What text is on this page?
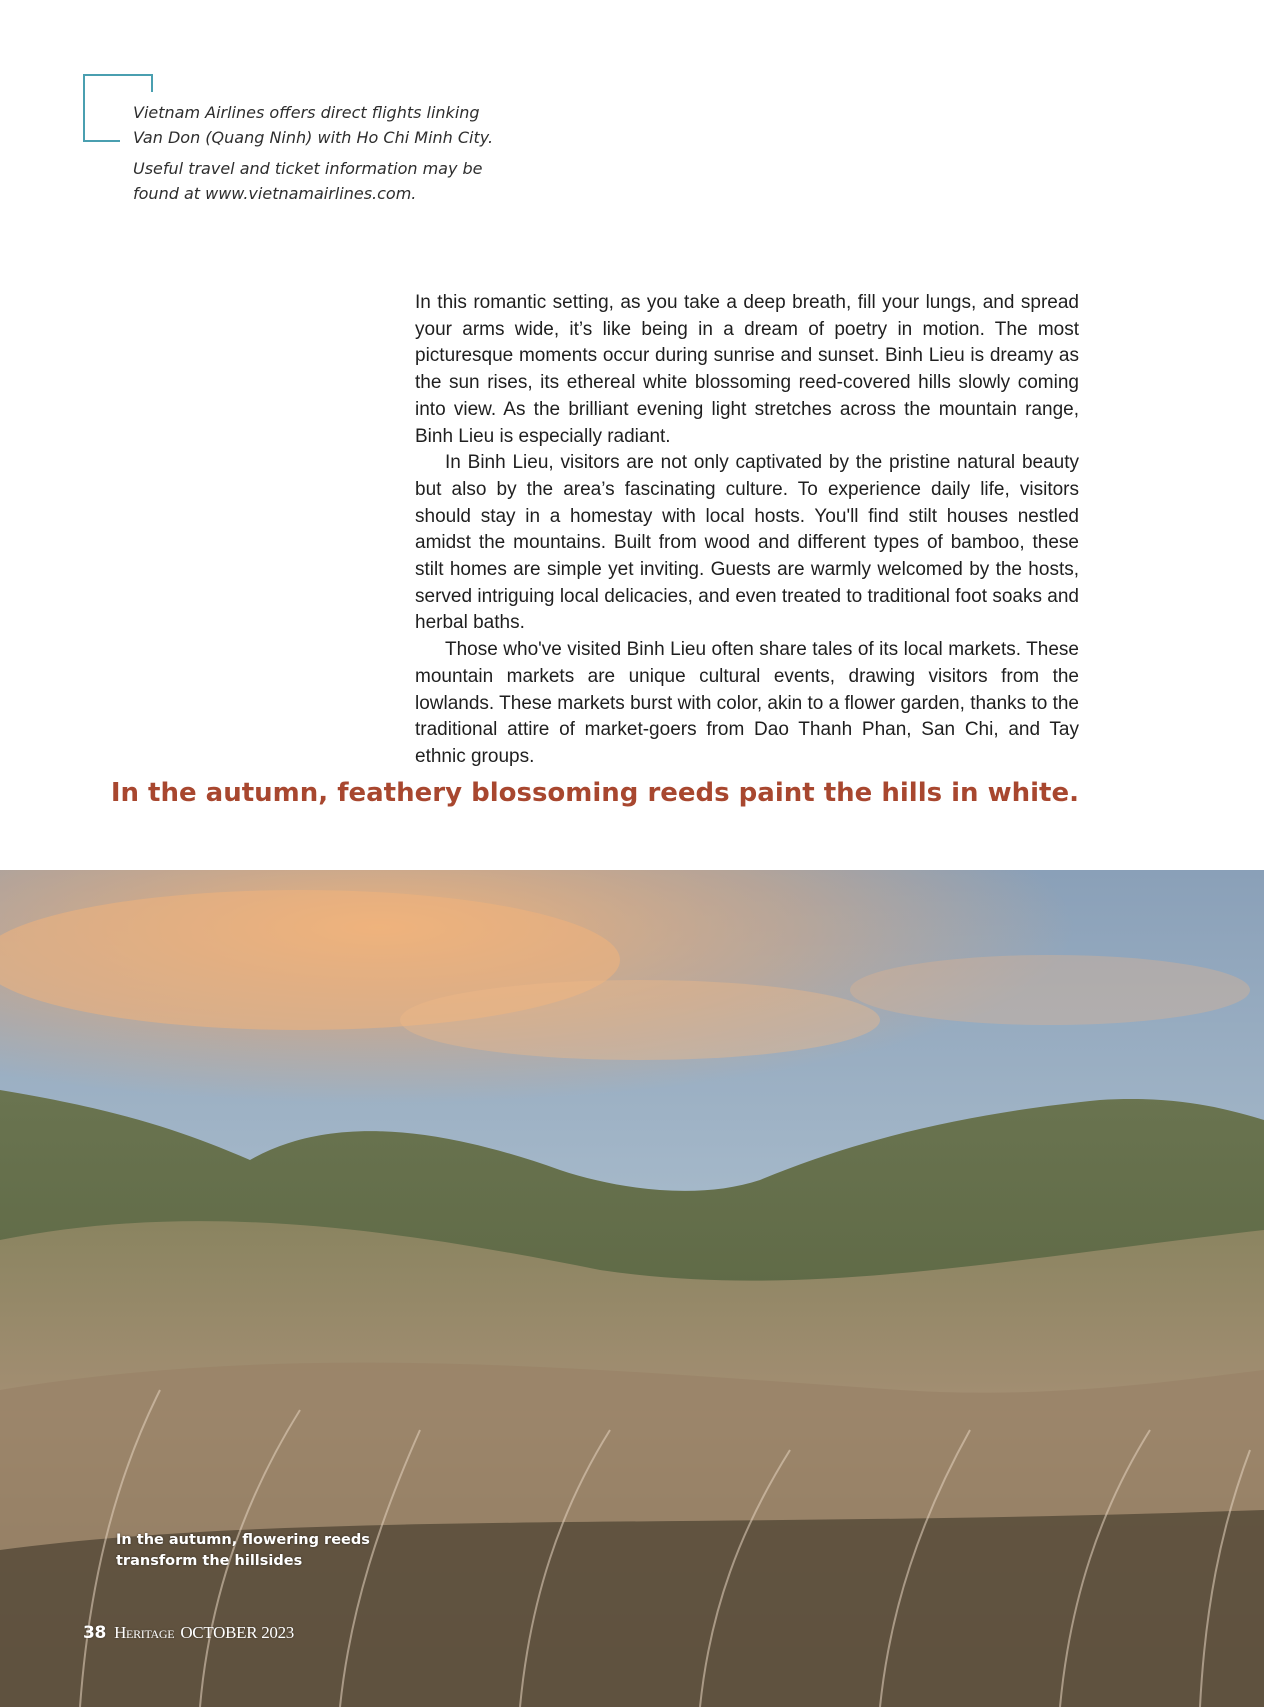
Vietnam Airlines offers direct flights linking Van Don (Quang Ninh) with Ho Chi Minh City.

Useful travel and ticket information may be found at www.vietnamairlines.com.

In this romantic setting, as you take a deep breath, fill your lungs, and spread your arms wide, it’s like being in a dream of poetry in motion. The most picturesque moments occur during sunrise and sunset. Binh Lieu is dreamy as the sun rises, its ethereal white blossoming reed-covered hills slowly coming into view. As the brilliant evening light stretches across the mountain range, Binh Lieu is especially radiant.

In Binh Lieu, visitors are not only captivated by the pristine natural beauty but also by the area’s fascinating culture. To experience daily life, visitors should stay in a homestay with local hosts. You'll find stilt houses nestled amidst the mountains. Built from wood and different types of bamboo, these stilt homes are simple yet inviting. Guests are warmly welcomed by the hosts, served intriguing local delicacies, and even treated to traditional foot soaks and herbal baths.

Those who've visited Binh Lieu often share tales of its local markets. These mountain markets are unique cultural events, drawing visitors from the lowlands. These markets burst with color, akin to a flower garden, thanks to the traditional attire of market-goers from Dao Thanh Phan, San Chi, and Tay ethnic groups.

In the autumn, feathery blossoming reeds paint the hills in white.
In the autumn, flowering reeds transform the hillsides
38 Heritage OCTOBER 2023
